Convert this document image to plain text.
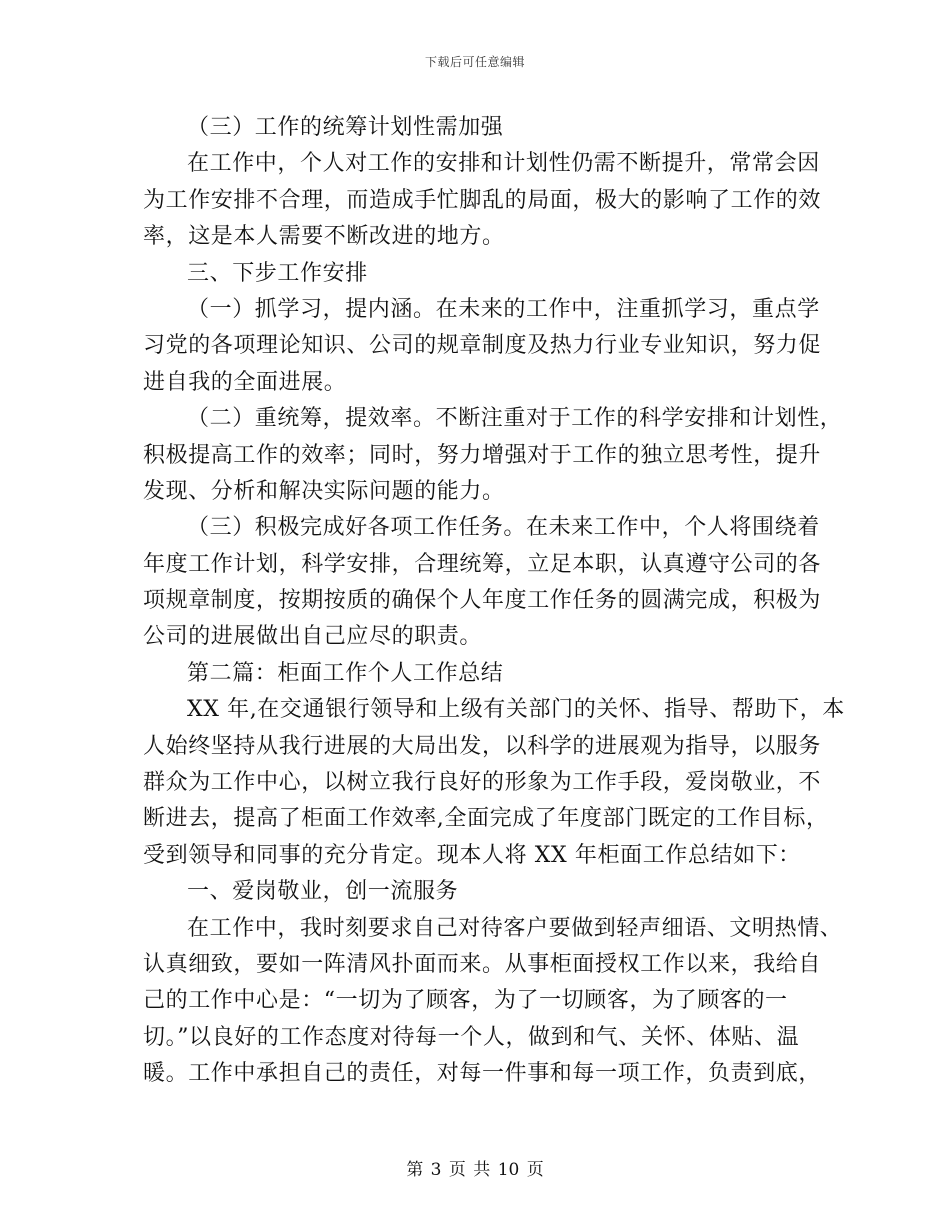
下载后可任意编辑
（三）工作的统筹计划性需加强
在工作中，个人对工作的安排和计划性仍需不断提升，常常会因
为工作安排不合理，而造成手忙脚乱的局面，极大的影响了工作的效
率，这是本人需要不断改进的地方。
三、下步工作安排
（一）抓学习，提内涵。在未来的工作中，注重抓学习，重点学
习党的各项理论知识、公司的规章制度及热力行业专业知识，努力促
进自我的全面进展。
（二）重统筹，提效率。不断注重对于工作的科学安排和计划性，
积极提高工作的效率；同时，努力增强对于工作的独立思考性，提升
发现、分析和解决实际问题的能力。
（三）积极完成好各项工作任务。在未来工作中，个人将围绕着
年度工作计划，科学安排，合理统筹，立足本职，认真遵守公司的各
项规章制度，按期按质的确保个人年度工作任务的圆满完成，积极为
公司的进展做出自己应尽的职责。
第二篇：柜面工作个人工作总结
XX 年,在交通银行领导和上级有关部门的关怀、指导、帮助下，本
人始终坚持从我行进展的大局出发，以科学的进展观为指导，以服务
群众为工作中心，以树立我行良好的形象为工作手段，爱岗敬业，不
断进去，提高了柜面工作效率,全面完成了年度部门既定的工作目标，
受到领导和同事的充分肯定。现本人将 XX 年柜面工作总结如下：
一、爱岗敬业，创一流服务
在工作中，我时刻要求自己对待客户要做到轻声细语、文明热情、
认真细致，要如一阵清风扑面而来。从事柜面授权工作以来，我给自
己的工作中心是：“一切为了顾客，为了一切顾客，为了顾客的一
切。”以良好的工作态度对待每一个人，做到和气、关怀、体贴、温
暖。工作中承担自己的责任，对每一件事和每一项工作，负责到底，
第 3 页 共 10 页
